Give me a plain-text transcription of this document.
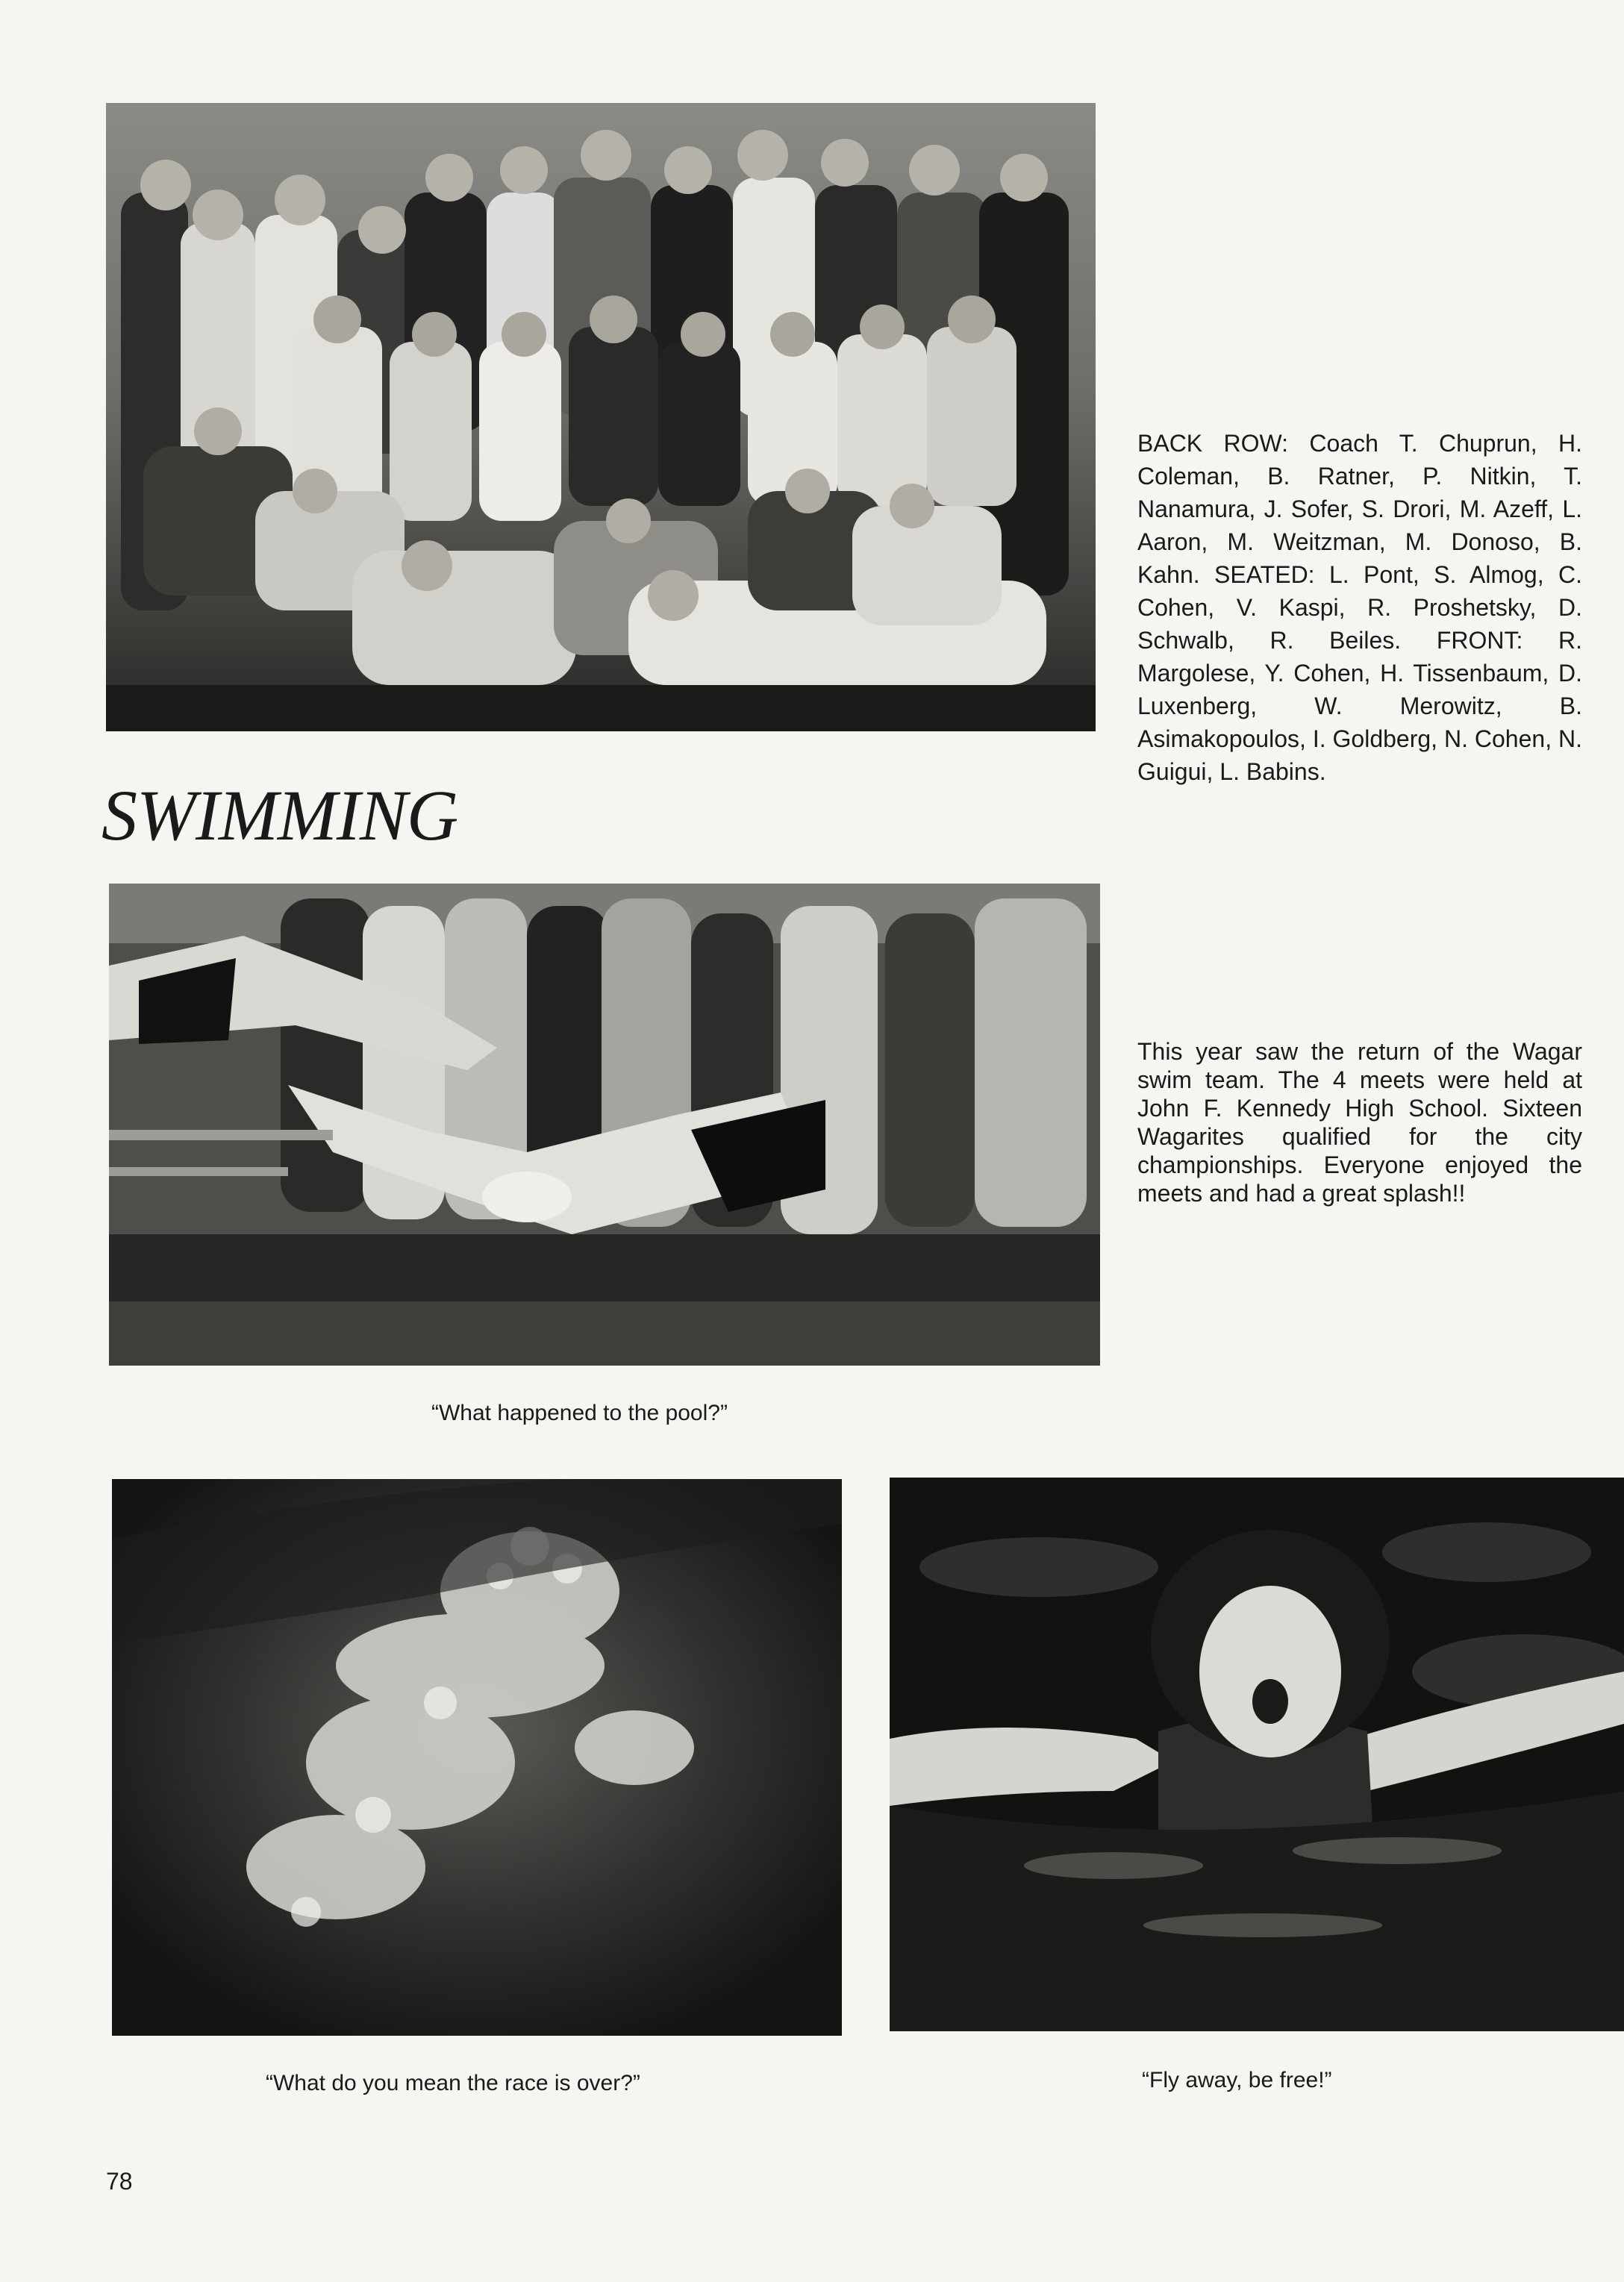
BACK ROW: Coach T. Chuprun, H. Coleman, B. Ratner, P. Nitkin, T. Nanamura, J. Sofer, S. Drori, M. Azeff, L. Aaron, M. Weitzman, M. Donoso, B. Kahn. SEATED: L. Pont, S. Almog, C. Cohen, V. Kaspi, R. Proshetsky, D. Schwalb, R. Beiles. FRONT: R. Margolese, Y. Cohen, H. Tissenbaum, D. Luxenberg, W. Merowitz, B. Asimakopoulos, I. Goldberg, N. Cohen, N. Guigui, L. Babins.
SWIMMING
This year saw the return of the Wagar swim team. The 4 meets were held at John F. Kennedy High School. Sixteen Wagarites qualified for the city championships. Everyone enjoyed the meets and had a great splash!!
“What happened to the pool?”
“What do you mean the race is over?”	“Fly away, be free!”
78
